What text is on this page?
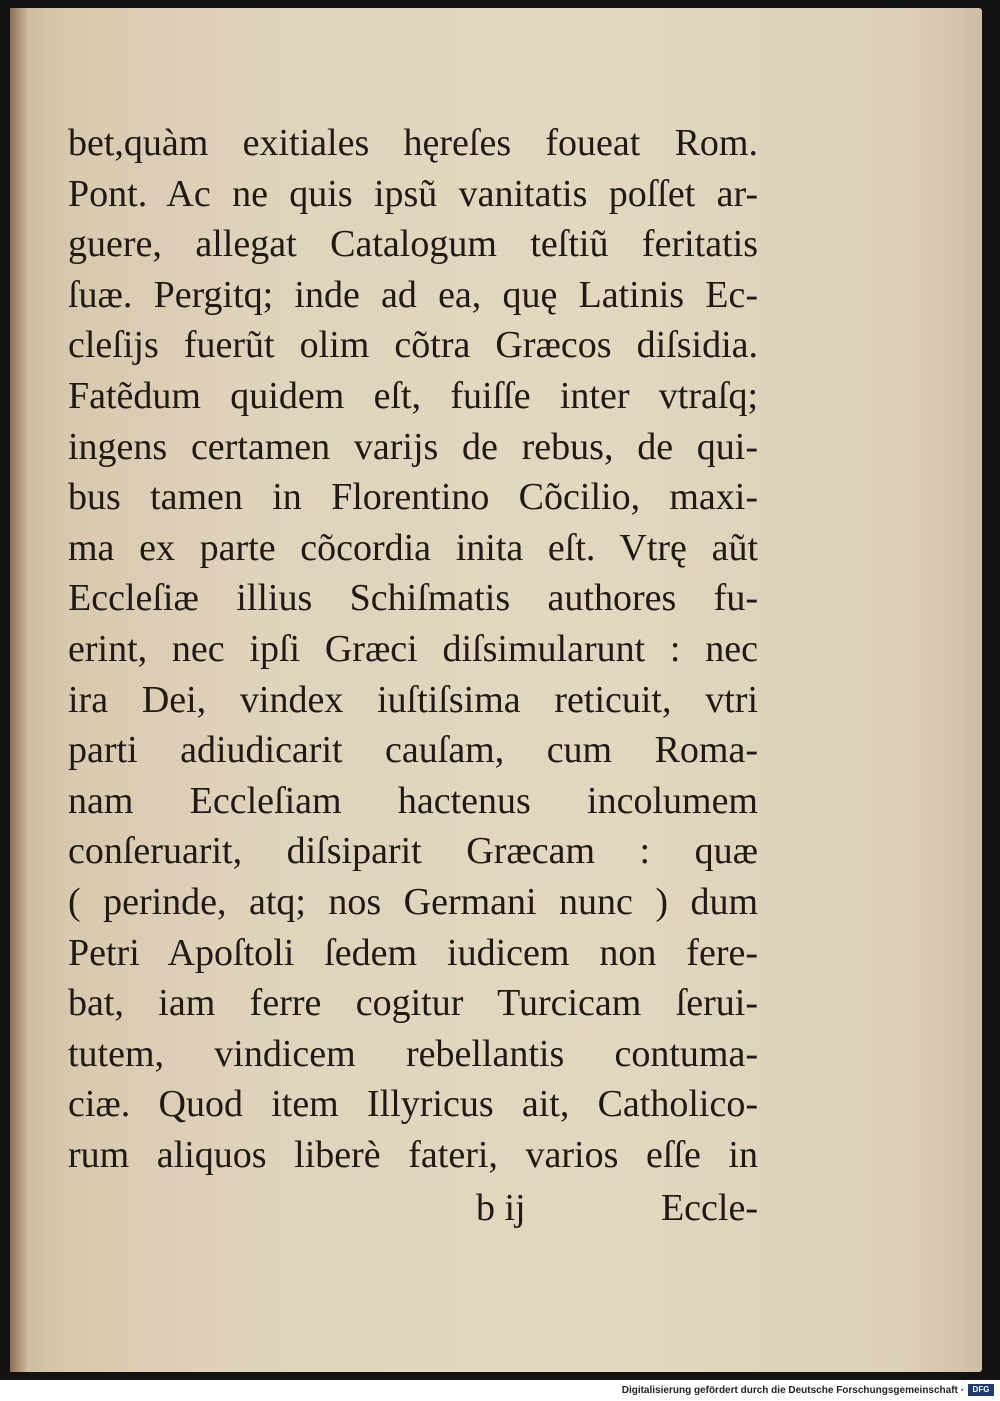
bet,quàm exitiales hęreſes foueat Rom.
Pont. Ac ne quis ipsũ vanitatis poſſet ar-
guere, allegat Catalogum teſtiũ feritatis
ſuæ. Pergitq; inde ad ea, quę Latinis Ec-
cleſijs fuerũt olim cõtra Græcos diſsidia.
Fatẽdum quidem eſt, fuiſſe inter vtraſq;
ingens certamen varijs de rebus, de qui-
bus tamen in Florentino Cõcilio, maxi-
ma ex parte cõcordia inita eſt. Vtrę aũt
Eccleſiæ illius Schiſmatis authores fu-
erint, nec ipſi Græci diſsimularunt : nec
ira Dei, vindex iuſtiſsima reticuit, vtri
parti adiudicarit cauſam, cum Roma-
nam Eccleſiam hactenus incolumem
conſeruarit, diſsiparit Græcam : quæ
( perinde, atq; nos Germani nunc ) dum
Petri Apoſtoli ſedem iudicem non fere-
bat, iam ferre cogitur Turcicam ſerui-
tutem, vindicem rebellantis contuma-
ciæ. Quod item Illyricus ait, Catholico-
rum aliquos liberè fateri, varios eſſe in
b ij	Eccle-
Digitalisierung gefördert durch die Deutsche Forschungsgemeinschaft ·	DFG
